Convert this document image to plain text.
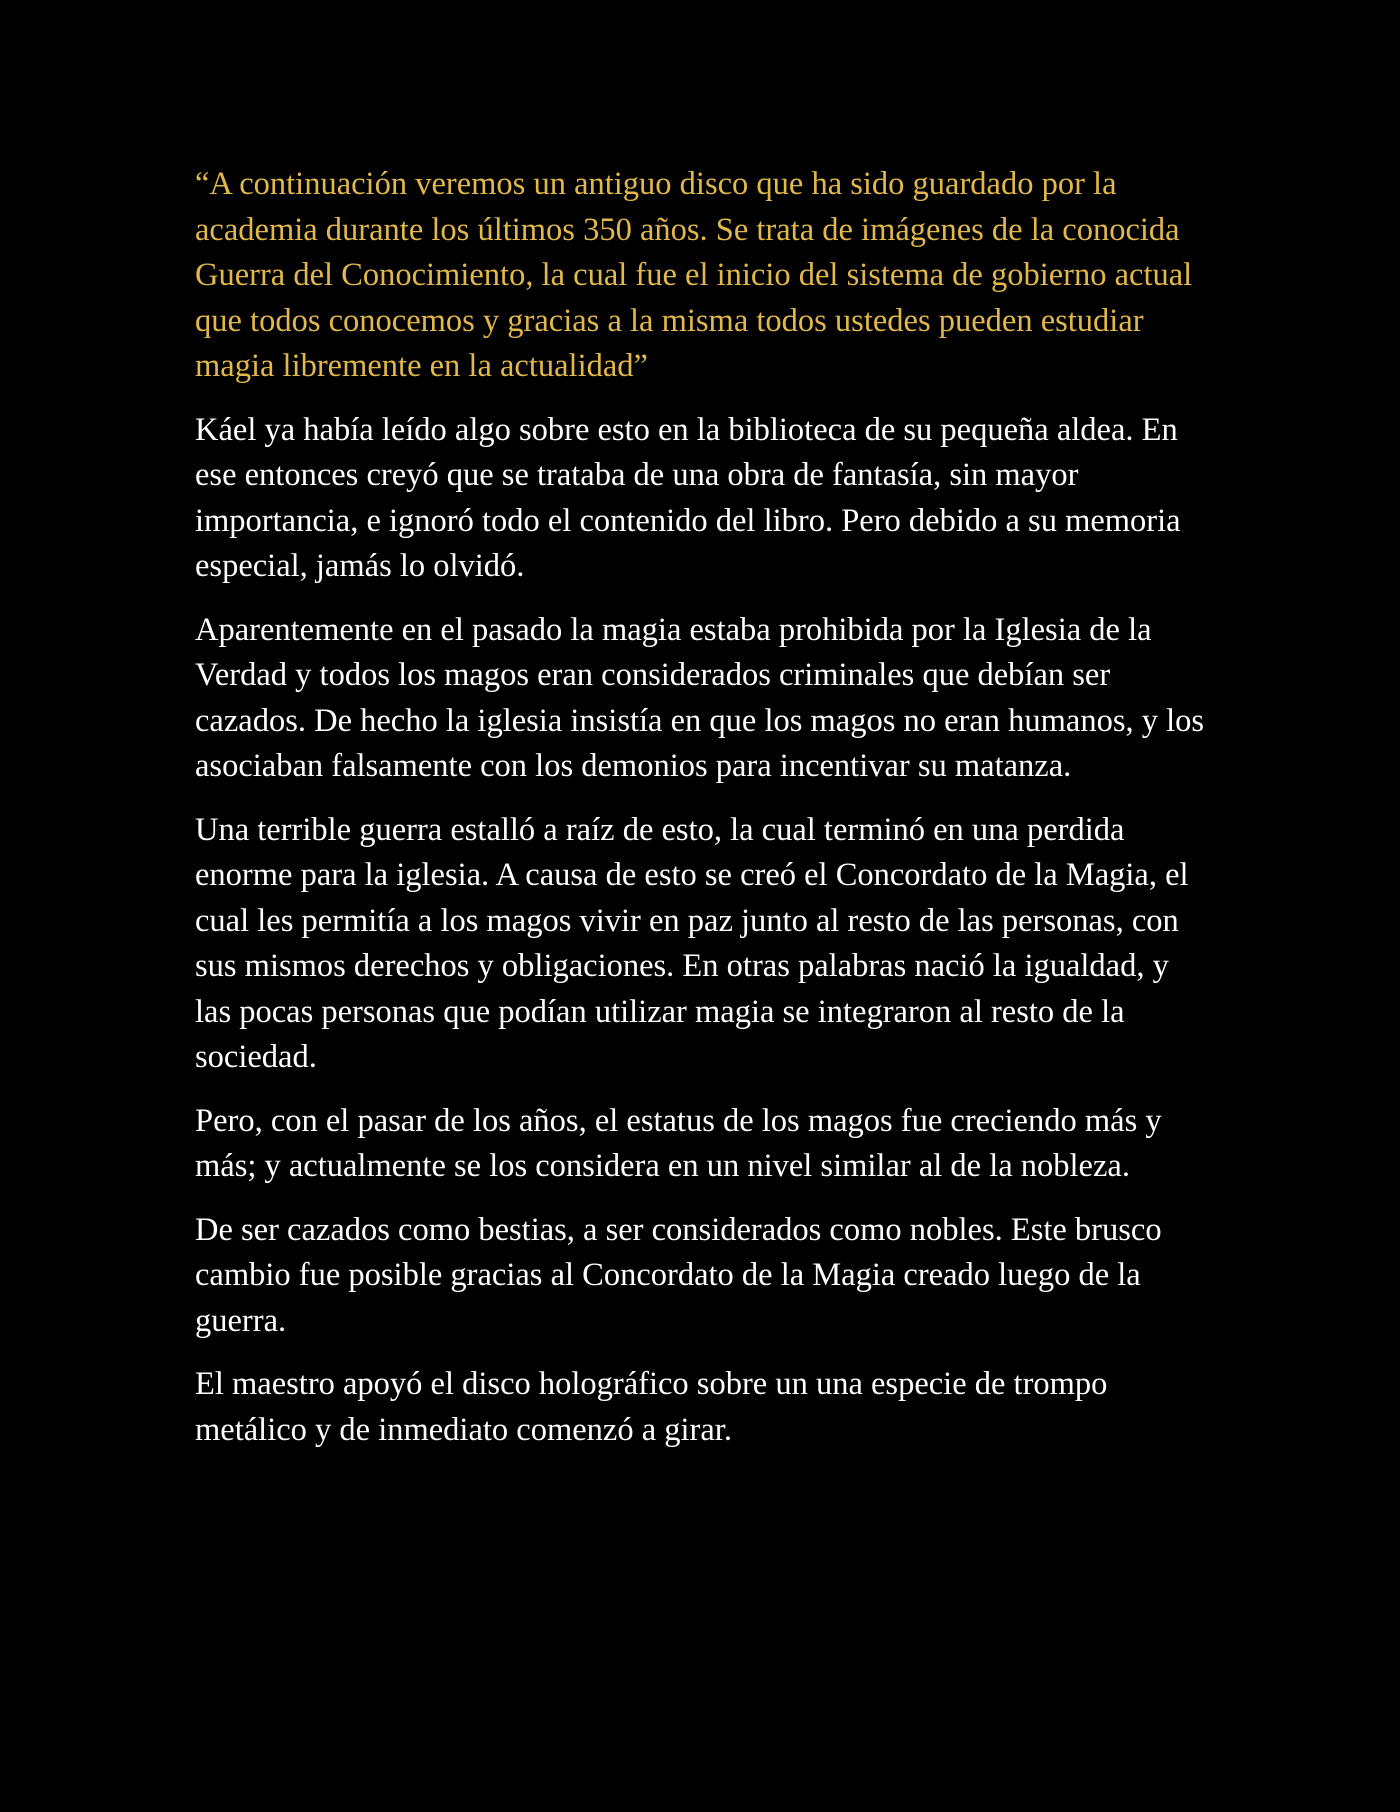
“A continuación veremos un antiguo disco que ha sido guardado por la academia durante los últimos 350 años. Se trata de imágenes de la conocida Guerra del Conocimiento, la cual fue el inicio del sistema de gobierno actual que todos conocemos y gracias a la misma todos ustedes pueden estudiar magia libremente en la actualidad”

Káel ya había leído algo sobre esto en la biblioteca de su pequeña aldea. En ese entonces creyó que se trataba de una obra de fantasía, sin mayor importancia, e ignoró todo el contenido del libro. Pero debido a su memoria especial, jamás lo olvidó.

Aparentemente en el pasado la magia estaba prohibida por la Iglesia de la Verdad y todos los magos eran considerados criminales que debían ser cazados. De hecho la iglesia insistía en que los magos no eran humanos, y los asociaban falsamente con los demonios para incentivar su matanza.

Una terrible guerra estalló a raíz de esto, la cual terminó en una perdida enorme para la iglesia. A causa de esto se creó el Concordato de la Magia, el cual les permitía a los magos vivir en paz junto al resto de las personas, con sus mismos derechos y obligaciones. En otras palabras nació la igualdad, y las pocas personas que podían utilizar magia se integraron al resto de la sociedad.

Pero, con el pasar de los años, el estatus de los magos fue creciendo más y más; y actualmente se los considera en un nivel similar al de la nobleza.

De ser cazados como bestias, a ser considerados como nobles. Este brusco cambio fue posible gracias al Concordato de la Magia creado luego de la guerra.

El maestro apoyó el disco holográfico sobre un una especie de trompo metálico y de inmediato comenzó a girar.
